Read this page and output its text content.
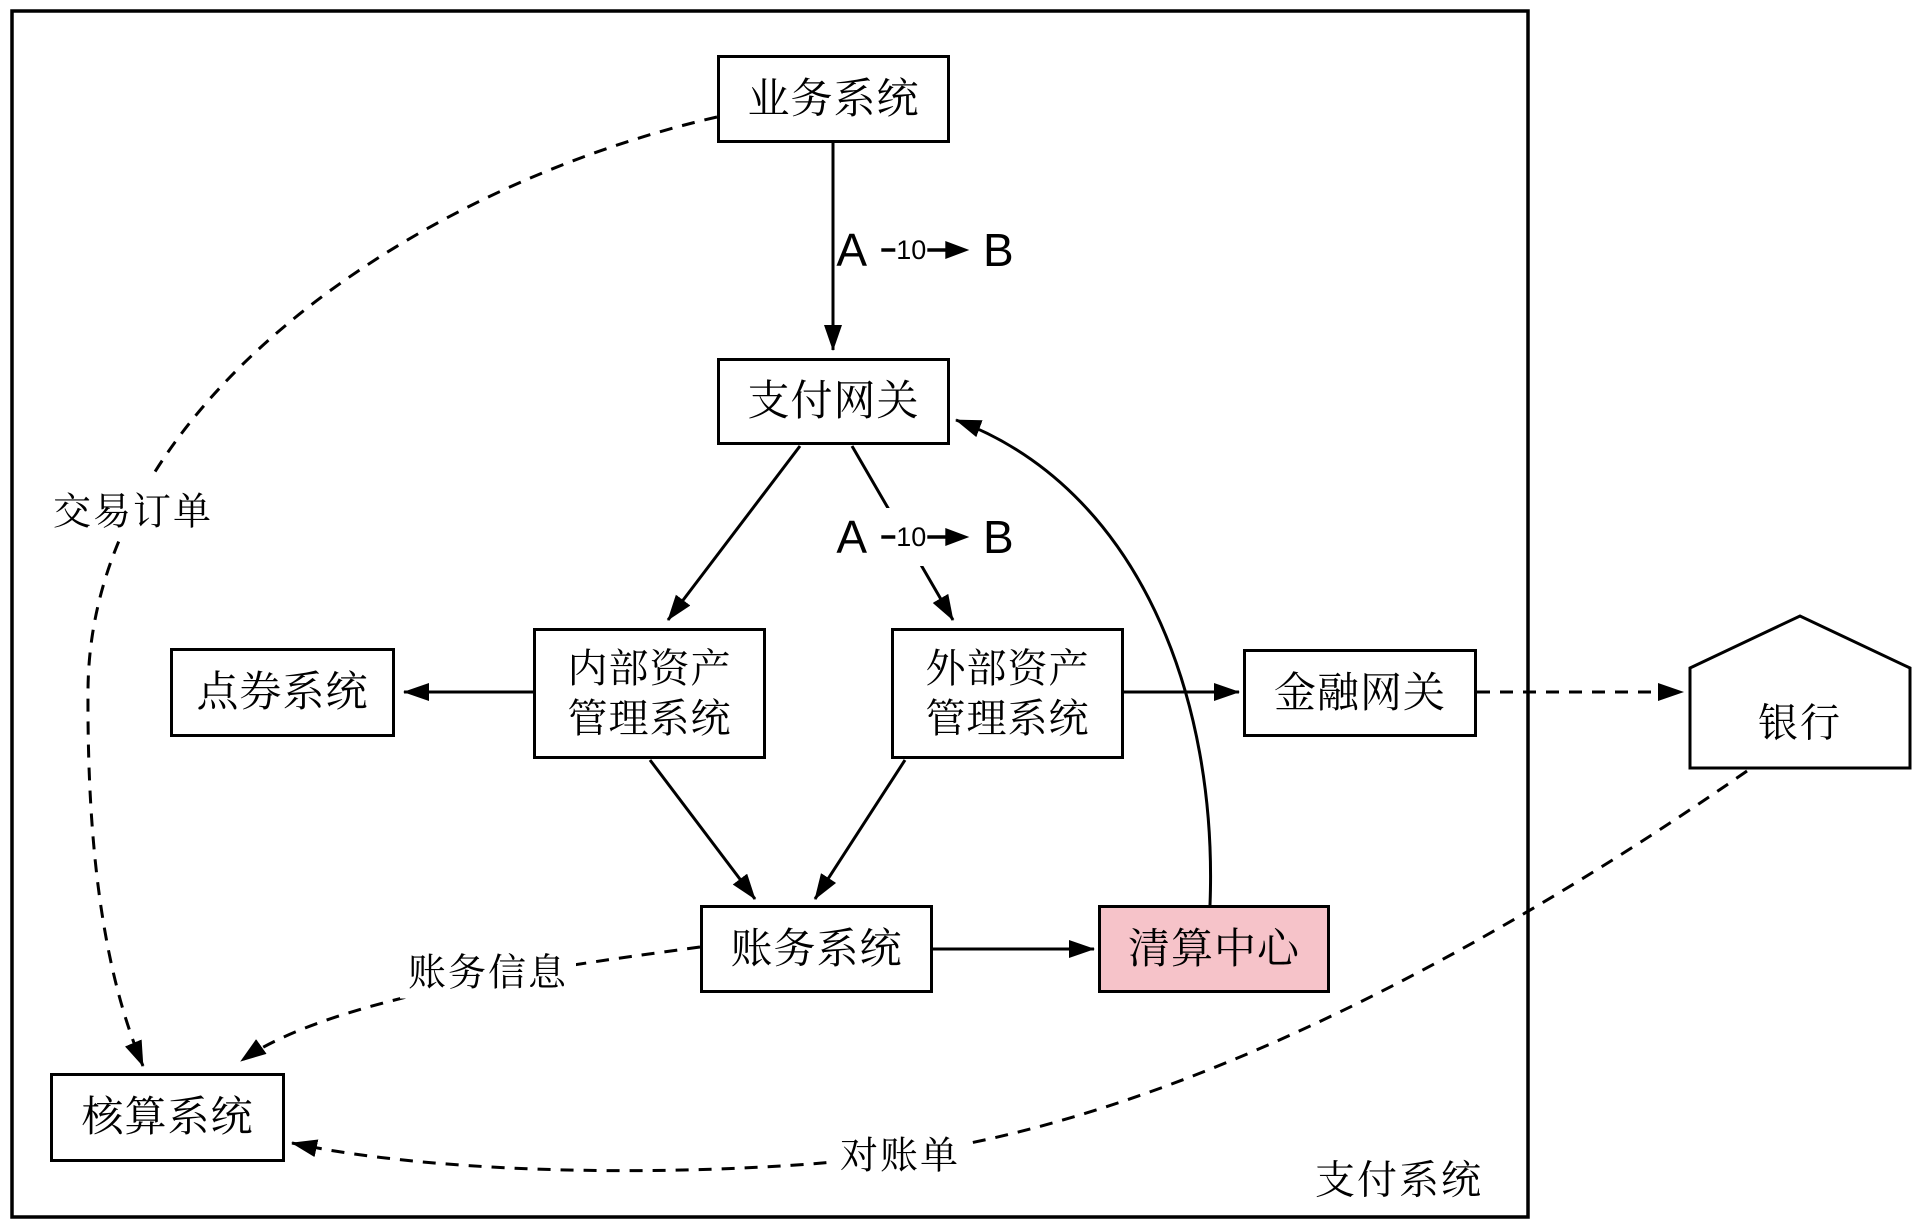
业务系统
支付网关
内部资产
管理系统
外部资产
管理系统
点券系统	金融网关
账务系统	清算中心
核算系统
银行
交易订单
账务信息
对账单
支付系统
A 10 B
A 10 B
